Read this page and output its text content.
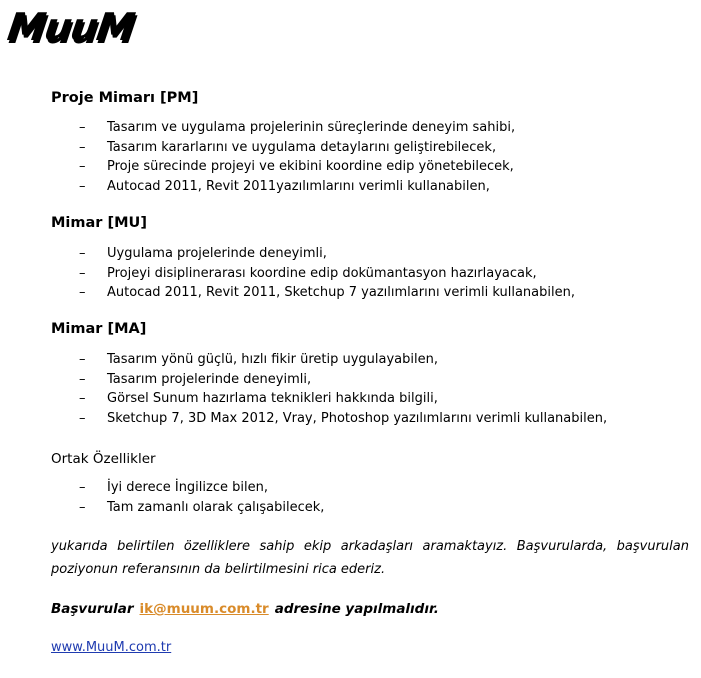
MuuM
Proje Mimarı [PM]
– Tasarım ve uygulama projelerinin süreçlerinde deneyim sahibi,
– Tasarım kararlarını ve uygulama detaylarını geliştirebilecek,
– Proje sürecinde projeyi ve ekibini koordine edip yönetebilecek,
– Autocad 2011, Revit 2011yazılımlarını verimli kullanabilen,
Mimar [MU]
– Uygulama projelerinde deneyimli,
– Projeyi disiplinerarası koordine edip dokümantasyon hazırlayacak,
– Autocad 2011, Revit 2011, Sketchup 7 yazılımlarını verimli kullanabilen,
Mimar [MA]
– Tasarım yönü güçlü, hızlı fikir üretip uygulayabilen,
– Tasarım projelerinde deneyimli,
– Görsel Sunum hazırlama teknikleri hakkında bilgili,
– Sketchup 7, 3D Max 2012, Vray, Photoshop yazılımlarını verimli kullanabilen,
Ortak Özellikler
– İyi derece İngilizce bilen,
– Tam zamanlı olarak çalışabilecek,
yukarıda belirtilen özelliklere sahip ekip arkadaşları aramaktayız. Başvurularda, başvurulan poziyonun referansının da belirtilmesini rica ederiz.
Başvurular ik@muum.com.tr adresine yapılmalıdır.
www.MuuM.com.tr
